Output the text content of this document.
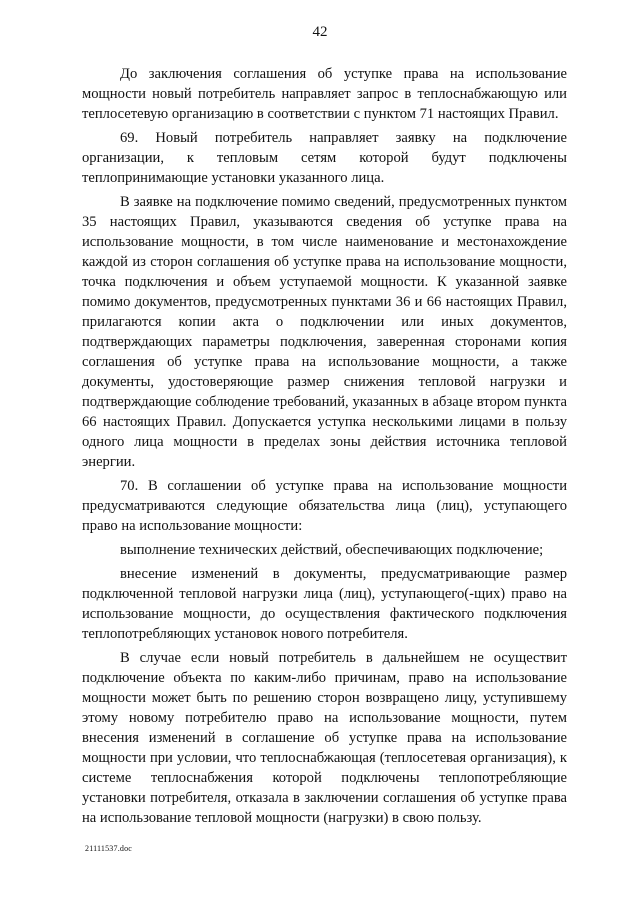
42

До заключения соглашения об уступке права на использование мощности новый потребитель направляет запрос в теплоснабжающую или теплосетевую организацию в соответствии с пунктом 71 настоящих Правил.

69. Новый потребитель направляет заявку на подключение организации, к тепловым сетям которой будут подключены теплопринимающие установки указанного лица.

В заявке на подключение помимо сведений, предусмотренных пунктом 35 настоящих Правил, указываются сведения об уступке права на использование мощности, в том числе наименование и местонахождение каждой из сторон соглашения об уступке права на использование мощности, точка подключения и объем уступаемой мощности. К указанной заявке помимо документов, предусмотренных пунктами 36 и 66 настоящих Правил, прилагаются копии акта о подключении или иных документов, подтверждающих параметры подключения, заверенная сторонами копия соглашения об уступке права на использование мощности, а также документы, удостоверяющие размер снижения тепловой нагрузки и подтверждающие соблюдение требований, указанных в абзаце втором пункта 66 настоящих Правил. Допускается уступка несколькими лицами в пользу одного лица мощности в пределах зоны действия источника тепловой энергии.

70. В соглашении об уступке права на использование мощности предусматриваются следующие обязательства лица (лиц), уступающего право на использование мощности:

выполнение технических действий, обеспечивающих подключение;

внесение изменений в документы, предусматривающие размер подключенной тепловой нагрузки лица (лиц), уступающего(-щих) право на использование мощности, до осуществления фактического подключения теплопотребляющих установок нового потребителя.

В случае если новый потребитель в дальнейшем не осуществит подключение объекта по каким-либо причинам, право на использование мощности может быть по решению сторон возвращено лицу, уступившему этому новому потребителю право на использование мощности, путем внесения изменений в соглашение об уступке права на использование мощности при условии, что теплоснабжающая (теплосетевая организация), к системе теплоснабжения которой подключены теплопотребляющие установки потребителя, отказала в заключении соглашения об уступке права на использование тепловой мощности (нагрузки) в свою пользу.

21111537.doc
